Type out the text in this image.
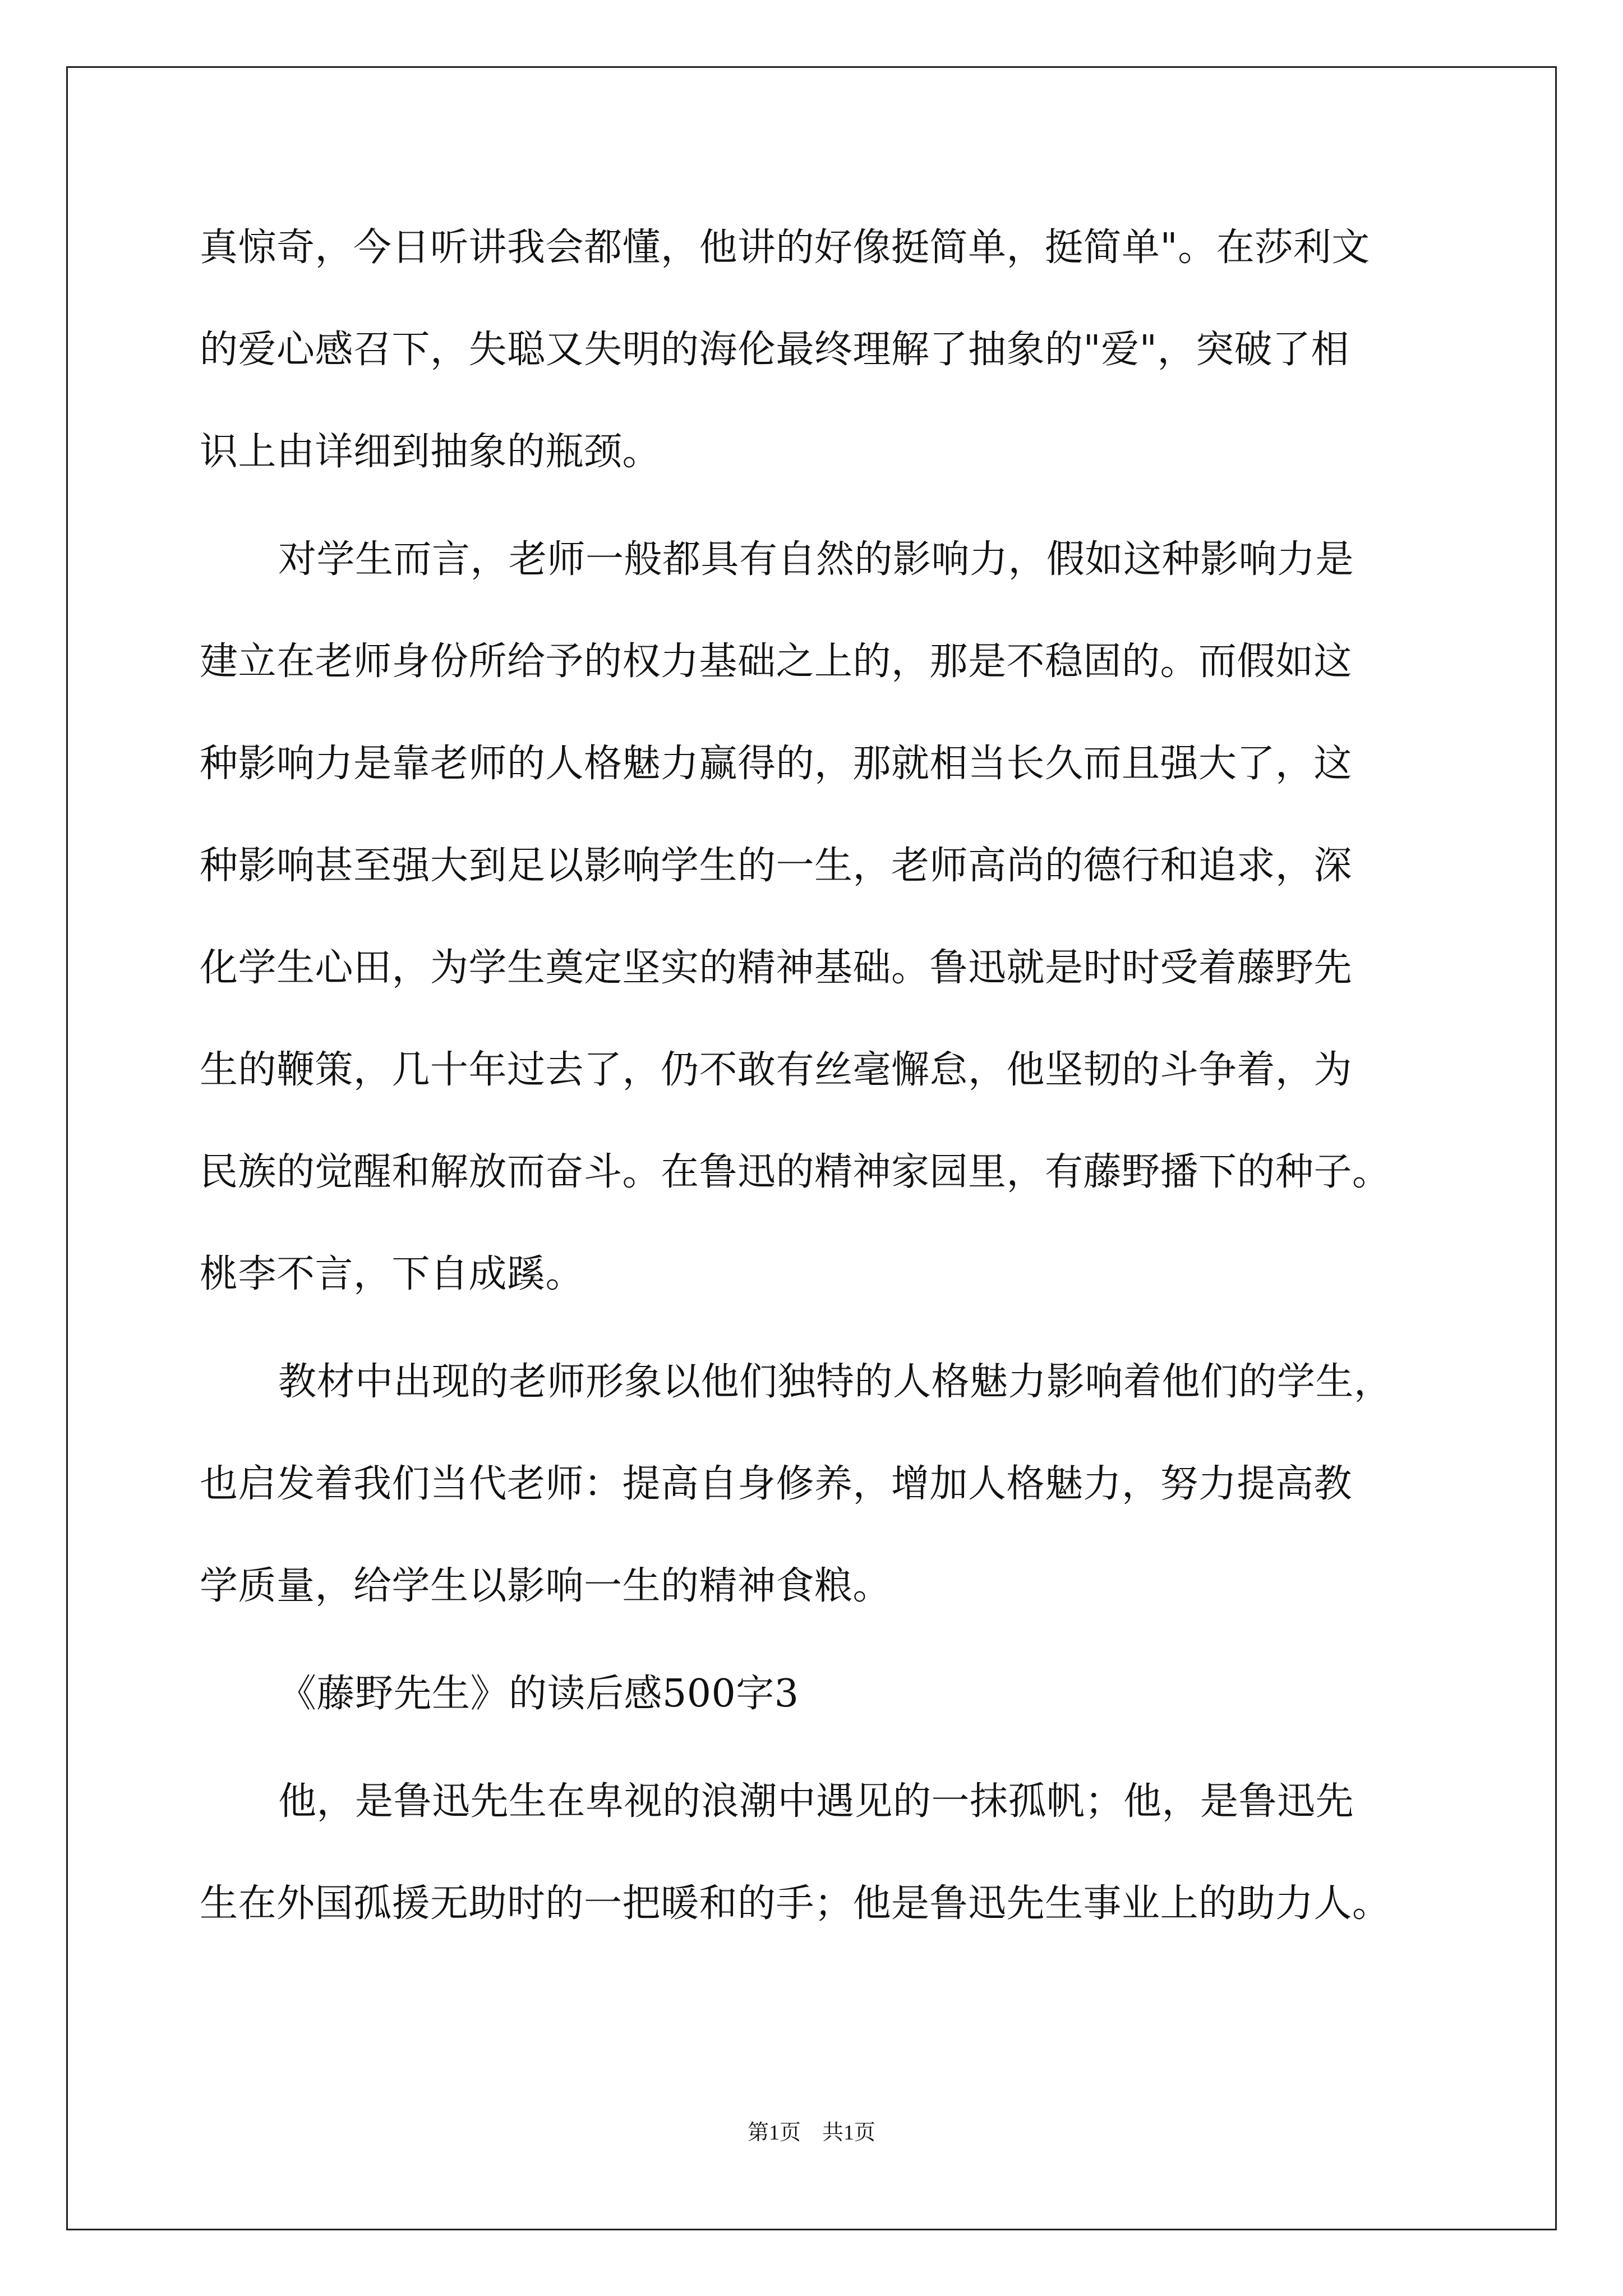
真惊奇，今日听讲我会都懂，他讲的好像挺简单，挺简单"。在莎利文
的爱心感召下，失聪又失明的海伦最终理解了抽象的"爱"，突破了相
识上由详细到抽象的瓶颈。
对学生而言，老师一般都具有自然的影响力，假如这种影响力是
建立在老师身份所给予的权力基础之上的，那是不稳固的。而假如这
种影响力是靠老师的人格魅力赢得的，那就相当长久而且强大了，这
种影响甚至强大到足以影响学生的一生，老师高尚的德行和追求，深
化学生心田，为学生奠定坚实的精神基础。鲁迅就是时时受着藤野先
生的鞭策，几十年过去了，仍不敢有丝毫懈怠，他坚韧的斗争着，为
民族的觉醒和解放而奋斗。在鲁迅的精神家园里，有藤野播下的种子。
桃李不言，下自成蹊。
教材中出现的老师形象以他们独特的人格魅力影响着他们的学生，
也启发着我们当代老师：提高自身修养，增加人格魅力，努力提高教
学质量，给学生以影响一生的精神食粮。
《藤野先生》的读后感500字3
他，是鲁迅先生在卑视的浪潮中遇见的一抹孤帆；他，是鲁迅先
生在外国孤援无助时的一把暖和的手；他是鲁迅先生事业上的助力人。
第1页　共1页
